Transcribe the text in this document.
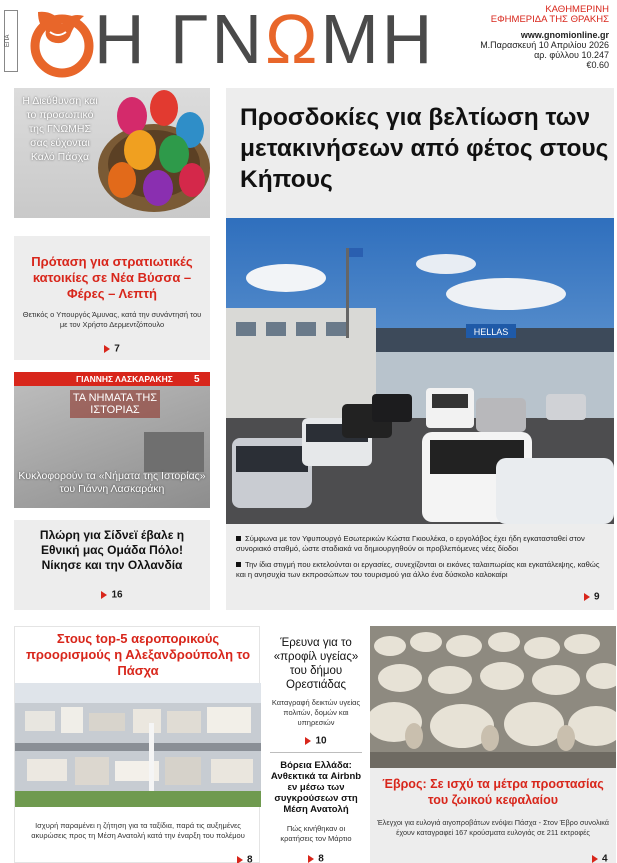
ΕΠΑ Η ΓΝΩΜΗ	ΚΑΘΗΜΕΡΙΝΗ
ΕΦΗΜΕΡΙΔΑ ΤΗΣ ΘΡΑΚΗΣ
www.gnomionline.gr
Μ.Παρασκευή 10 Απριλίου 2026
αρ. φύλλου 10.247
€0.60
Η Διεύθυνση και το προσωπικό της ΓΝΩΜΗΣ σας εύχονται Καλό Πάσχα
Πρόταση για στρατιωτικές κατοικίες σε Νέα Βύσσα – Φέρες – Λεπτή
Θετικός ο Υπουργός Άμυνας, κατά την συνάντησή του με τον Χρήστο Δερμεντζόπουλο
7
ΓΙΑΝΝΗΣ ΛΑΣΚΑΡΑΚΗΣ 5
ΤΑ ΝΗΜΑΤΑ ΤΗΣ ΙΣΤΟΡΙΑΣ
Κυκλοφορούν τα «Νήματα της Ιστορίας» του Γιάννη Λασκαράκη
Πλώρη για Σίδνεϊ έβαλε η Εθνική μας Ομάδα Πόλο! Νίκησε και την Ολλανδία
16
Προσδοκίες για βελτίωση των μετακινήσεων από φέτος στους Κήπους
HELLAS
Σύμφωνα με τον Υφυπουργό Εσωτερικών Κώστα Γκιουλέκα, ο εργολάβος έχει ήδη εγκατασταθεί στον συνοριακό σταθμό, ώστε σταδιακά να δημιουργηθούν οι προβλεπόμενες νέες δίοδοι
Την ίδια στιγμή που εκτελούνται οι εργασίες, συνεχίζονται οι εικόνες ταλαιπωρίας και εγκατάλειψης, καθώς και η ανησυχία των εκπροσώπων του τουρισμού για άλλο ένα δύσκολο καλοκαίρι
9
Στους top-5 αεροπορικούς προορισμούς η Αλεξανδρούπολη το Πάσχα
Ισχυρή παραμένει η ζήτηση για τα ταξίδια, παρά τις αυξημένες ακυρώσεις προς τη Μέση Ανατολή κατά την έναρξη του πολέμου
8
Έρευνα για το «προφίλ υγείας» του δήμου Ορεστιάδας
Καταγραφή δεικτών υγείας πολιτών, δομών και υπηρεσιών
10
Βόρεια Ελλάδα: Ανθεκτικά τα Airbnb εν μέσω των συγκρούσεων στη Μέση Ανατολή
Πώς κινήθηκαν οι κρατήσεις τον Μάρτιο
8
Έβρος: Σε ισχύ τα μέτρα προστασίας του ζωικού κεφαλαίου
Έλεγχοι για ευλογιά αιγοπροβάτων ενόψει Πάσχα - Στον Έβρο συνολικά έχουν καταγραφεί 167 κρούσματα ευλογιάς σε 211 εκτροφές
4
